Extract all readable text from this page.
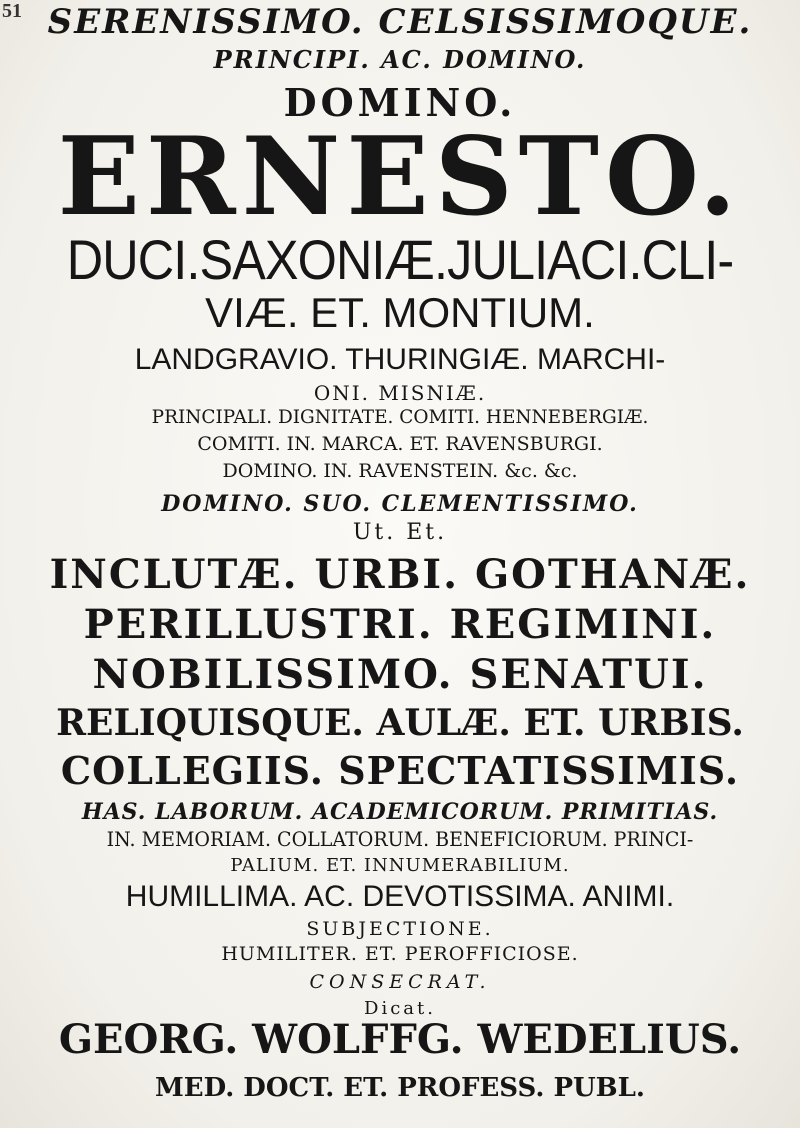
51 SERENISSIMO. CELSISSIMOQUE.
PRINCIPI. AC. DOMINO.
DOMINO.
ERNESTO.
DUCI.SAXONIÆ.JULIACI.CLI-
VIÆ. ET. MONTIUM.
LANDGRAVIO. THURINGIÆ. MARCHI-
ONI. MISNIÆ.
PRINCIPALI. DIGNITATE. COMITI. HENNEBERGIÆ.
COMITI. IN. MARCA. ET. RAVENSBURGI.
DOMINO. IN. RAVENSTEIN. &c. &c.
DOMINO. SUO. CLEMENTISSIMO.
Ut. Et.
INCLUTÆ. URBI. GOTHANÆ.
PERILLUSTRI. REGIMINI.
NOBILISSIMO. SENATUI.
RELIQUISQUE. AULÆ. ET. URBIS.
COLLEGIIS. SPECTATISSIMIS.
HAS. LABORUM. ACADEMICORUM. PRIMITIAS.
IN. MEMORIAM. COLLATORUM. BENEFICIORUM. PRINCI-
PALIUM. ET. INNUMERABILIUM.
HUMILLIMA. AC. DEVOTISSIMA. ANIMI.
SUBJECTIONE.
HUMILITER. ET. PEROFFICIOSE.
CONSECRAT.
Dicat.
GEORG. WOLFFG. WEDELIUS.
MED. DOCT. ET. PROFESS. PUBL.
